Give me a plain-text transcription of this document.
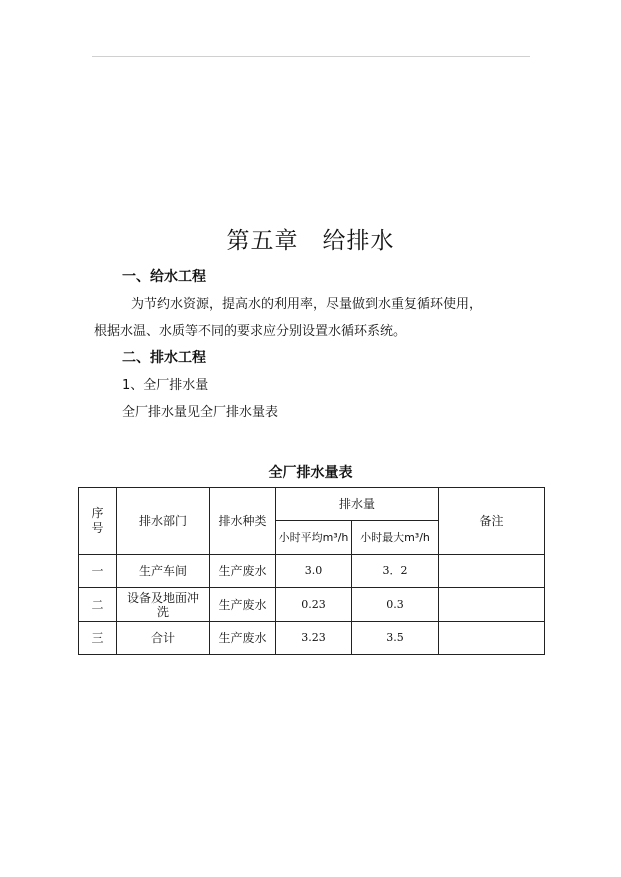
第五章　给排水
一、给水工程
为节约水资源，提高水的利用率，尽量做到水重复循环使用，
根据水温、水质等不同的要求应分别设置水循环系统。
二、排水工程
1、全厂排水量
全厂排水量见全厂排水量表
全厂排水量表
序号	排水部门	排水种类	排水量		备注
			小时平均m³/h	小时最大m³/h	
一	生产车间	生产废水	3.0	3．2	
二	设备及地面冲洗	生产废水	0.23	0.3	
三	合计	生产废水	3.23	3.5	
